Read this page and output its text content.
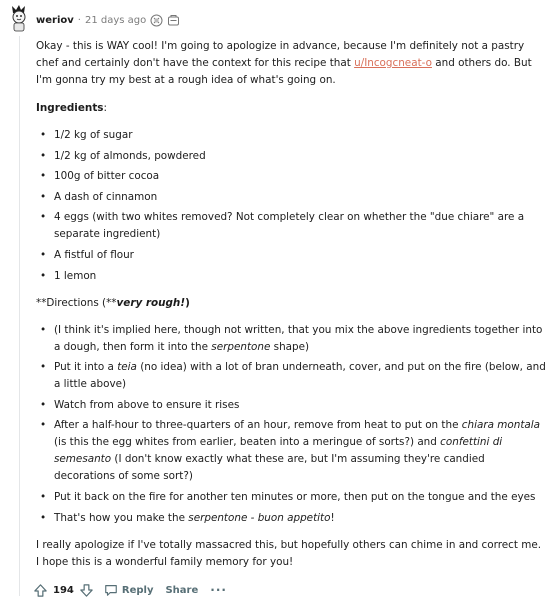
weriov · 21 days ago

Okay - this is WAY cool! I'm going to apologize in advance, because I'm definitely not a pastry chef and certainly don't have the context for this recipe that u/Incogcneat-o and others do. But I'm gonna try my best at a rough idea of what's going on.

Ingredients:
• 1/2 kg of sugar
• 1/2 kg of almonds, powdered
• 100g of bitter cocoa
• A dash of cinnamon
• 4 eggs (with two whites removed? Not completely clear on whether the "due chiare" are a separate ingredient)
• A fistful of flour
• 1 lemon
**Directions (**very rough!)
• (I think it's implied here, though not written, that you mix the above ingredients together into a dough, then form it into the serpentone shape)
• Put it into a teia (no idea) with a lot of bran underneath, cover, and put on the fire (below, and a little above)
• Watch from above to ensure it rises
• After a half-hour to three-quarters of an hour, remove from heat to put on the chiara montala (is this the egg whites from earlier, beaten into a meringue of sorts?) and confettini di semesanto (I don't know exactly what these are, but I'm assuming they're candied decorations of some sort?)
• Put it back on the fire for another ten minutes or more, then put on the tongue and the eyes
• That's how you make the serpentone - buon appetito!

I really apologize if I've totally massacred this, but hopefully others can chime in and correct me. I hope this is a wonderful family memory for you!

194	Reply Share ···
